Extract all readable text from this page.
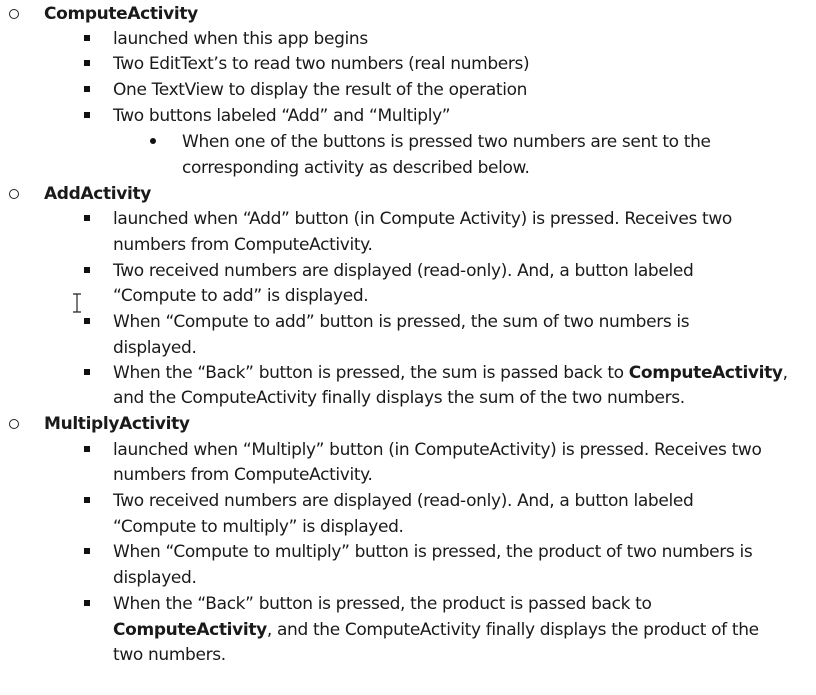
ComputeActivity
launched when this app begins
Two EditText’s to read two numbers (real numbers)
One TextView to display the result of the operation
Two buttons labeled “Add” and “Multiply”
When one of the buttons is pressed two numbers are sent to the
corresponding activity as described below.
AddActivity
launched when “Add” button (in Compute Activity) is pressed. Receives two
numbers from ComputeActivity.
Two received numbers are displayed (read-only). And, a button labeled
“Compute to add” is displayed.
When “Compute to add” button is pressed, the sum of two numbers is
displayed.
When the “Back” button is pressed, the sum is passed back to ComputeActivity,
and the ComputeActivity finally displays the sum of the two numbers.
MultiplyActivity
launched when “Multiply” button (in ComputeActivity) is pressed. Receives two
numbers from ComputeActivity.
Two received numbers are displayed (read-only). And, a button labeled
“Compute to multiply” is displayed.
When “Compute to multiply” button is pressed, the product of two numbers is
displayed.
When the “Back” button is pressed, the product is passed back to
ComputeActivity, and the ComputeActivity finally displays the product of the
two numbers.
